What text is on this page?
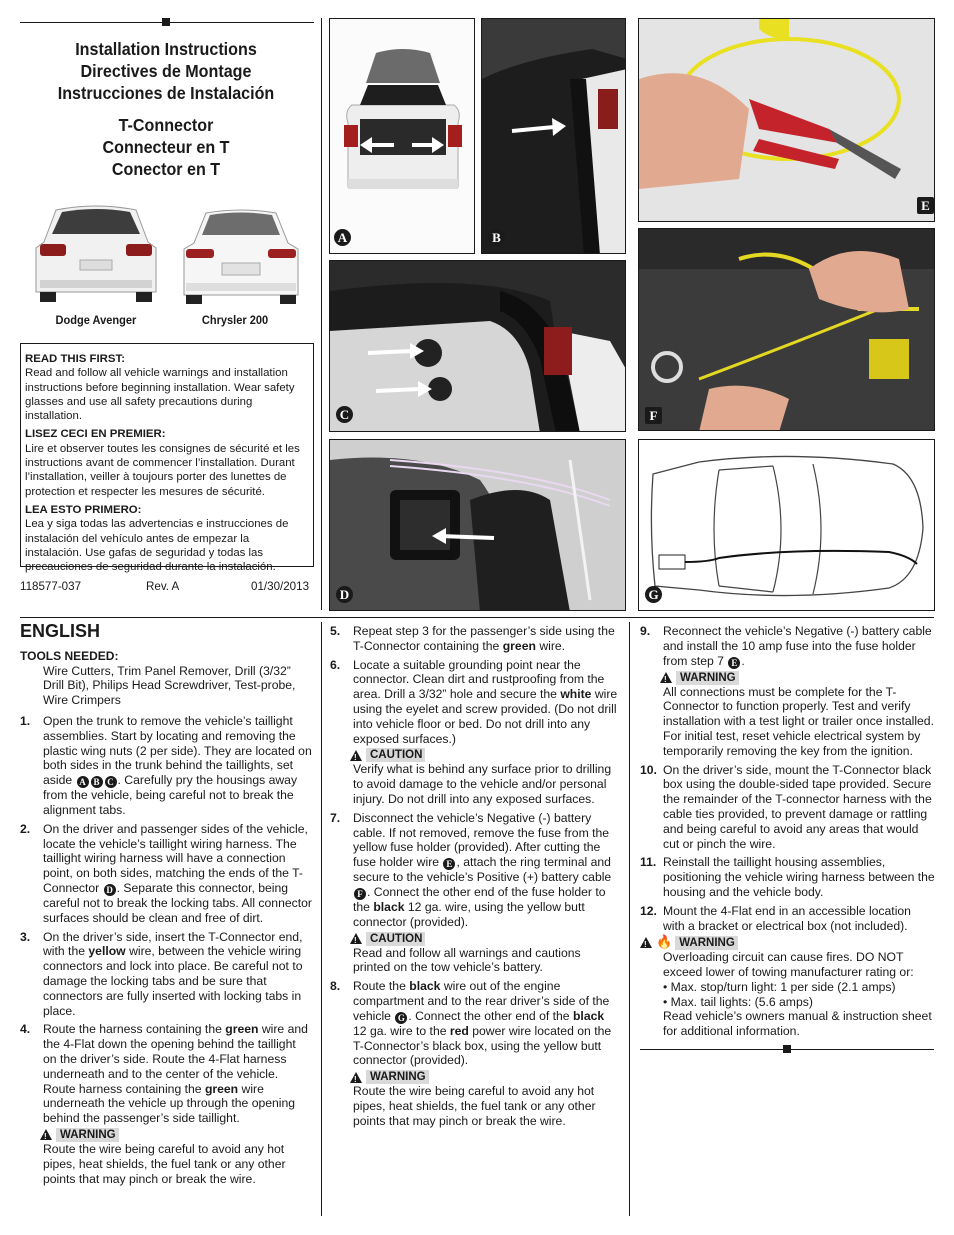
Installation Instructions
Directives de Montage
Instrucciones de Instalación
T-Connector
Connecteur en T
Conector en T
Dodge Avenger	Chrysler 200

READ THIS FIRST:
Read and follow all vehicle warnings and installation instructions before beginning installation. Wear safety glasses and use all safety precautions during installation.

LISEZ CECI EN PREMIER:
Lire et observer toutes les consignes de sécurité et les instructions avant de commencer l’installation. Durant l’installation, veiller à toujours porter des lunettes de protection et respecter les mesures de sécurité.

LEA ESTO PRIMERO:
Lea y siga todas las advertencias e instrucciones de instalación del vehículo antes de empezar la instalación. Use gafas de seguridad y todas las precauciones de seguridad durante la instalación.

118577-037	Rev. A	01/30/2013
A	B
C
D
E
F
G
ENGLISH
TOOLS NEEDED:
Wire Cutters, Trim Panel Remover, Drill (3/32” Drill Bit), Philips Head Screwdriver, Test-probe, Wire Crimpers
1. Open the trunk to remove the vehicle’s taillight assemblies. Start by locating and removing the plastic wing nuts (2 per side). They are located on both sides in the trunk behind the taillights, set aside A B C . Carefully pry the housings away from the vehicle, being careful not to break the alignment tabs.
2. On the driver and passenger sides of the vehicle, locate the vehicle’s taillight wiring harness. The taillight wiring harness will have a connection point, on both sides, matching the ends of the T-Connector D . Separate this connector, being careful not to break the locking tabs. All connector surfaces should be clean and free of dirt.
3. On the driver’s side, insert the T-Connector end, with the yellow wire, between the vehicle wiring connectors and lock into place. Be careful not to damage the locking tabs and be sure that connectors are fully inserted with locking tabs in place.
4. Route the harness containing the green wire and the 4-Flat down the opening behind the taillight on the driver’s side. Route the 4-Flat harness underneath and to the center of the vehicle. Route harness containing the green wire underneath the vehicle up through the opening behind the passenger’s side taillight.
!
WARNING
Route the wire being careful to avoid any hot pipes, heat shields, the fuel tank or any other points that may pinch or break the wire.
5. Repeat step 3 for the passenger’s side using the T-Connector containing the green wire.
6. Locate a suitable grounding point near the connector. Clean dirt and rustproofing from the area. Drill a 3/32” hole and secure the white wire using the eyelet and screw provided. (Do not drill into vehicle floor or bed. Do not drill into any exposed surfaces.)
!
CAUTION
Verify what is behind any surface prior to drilling to avoid damage to the vehicle and/or personal injury. Do not drill into any exposed surfaces.
7. Disconnect the vehicle’s Negative (-) battery cable. If not removed, remove the fuse from the yellow fuse holder (provided). After cutting the fuse holder wire E , attach the ring terminal and secure to the vehicle’s Positive (+) battery cable F . Connect the other end of the fuse holder to the black 12 ga. wire, using the yellow butt connector (provided).
!
CAUTION
Read and follow all warnings and cautions printed on the tow vehicle’s battery.
8. Route the black wire out of the engine compartment and to the rear driver’s side of the vehicle G . Connect the other end of the black 12 ga. wire to the red power wire located on the T-Connector’s black box, using the yellow butt connector (provided).
!
WARNING
Route the wire being careful to avoid any hot pipes, heat shields, the fuel tank or any other points that may pinch or break the wire.
9. Reconnect the vehicle’s Negative (-) battery cable and install the 10 amp fuse into the fuse holder from step 7 E .
!
WARNING
All connections must be complete for the T-Connector to function properly. Test and verify installation with a test light or trailer once installed. For initial test, reset vehicle electrical system by temporarily removing the key from the ignition.
10. On the driver’s side, mount the T-Connector black box using the double-sided tape provided. Secure the remainder of the T-connector harness with the cable ties provided, to prevent damage or rattling and being careful to avoid any areas that would cut or pinch the wire.
11. Reinstall the taillight housing assemblies, positioning the vehicle wiring harness between the housing and the vehicle body.
12. Mount the 4-Flat end in an accessible location with a bracket or electrical box (not included).
!
🔥 WARNING
Overloading circuit can cause fires. DO NOT exceed lower of towing manufacturer rating or:
• Max. stop/turn light: 1 per side (2.1 amps)
• Max. tail lights: (5.6 amps)
Read vehicle’s owners manual & instruction sheet for additional information.
